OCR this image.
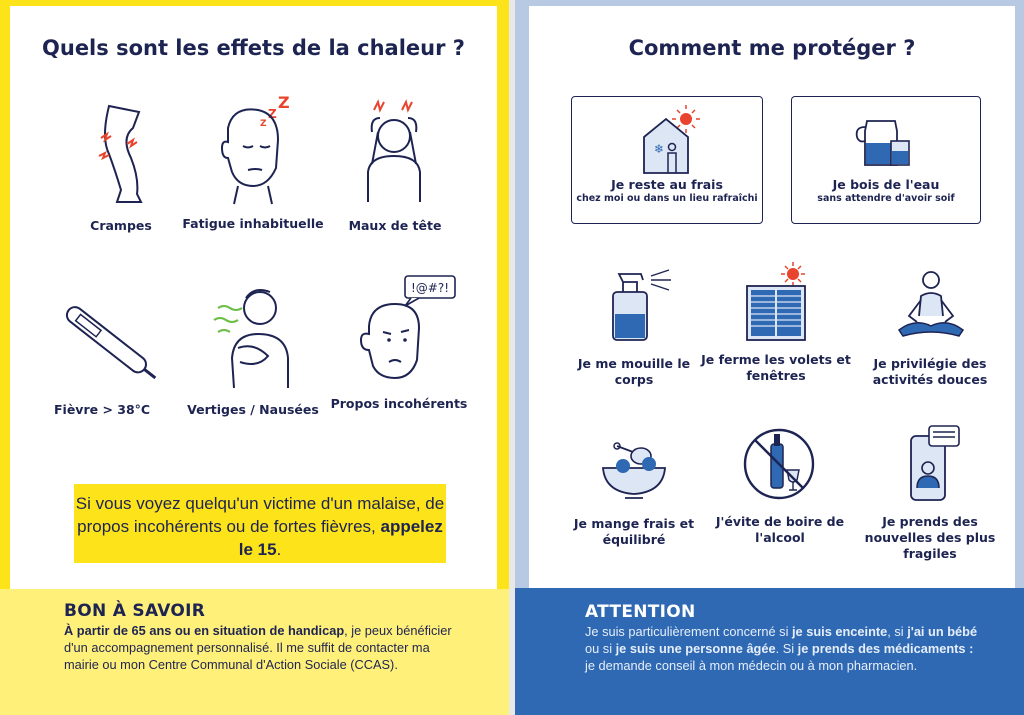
Quels sont les effets de la chaleur ?
Crampes
Z
Z
Z
Fatigue inhabituelle	Maux de tête
Fièvre > 38°C	Vertiges / Nausées
!@#?!
Propos incohérents
Si vous voyez quelqu'un victime d'un malaise, de propos incohérents ou de fortes fièvres, appelez le 15.
BON À SAVOIR
À partir de 65 ans ou en situation de handicap, je peux bénéficier d'un accompagnement personnalisé. Il me suffit de contacter ma mairie ou mon Centre Communal d'Action Sociale (CCAS).
Comment me protéger ?
❄
Je reste au frais
chez moi ou dans un lieu rafraîchi
Je bois de l'eau
sans attendre d'avoir soif
Je me mouille le corps
Je ferme les volets et fenêtres
Je privilégie des activités douces
Je mange frais et équilibré
J'évite de boire de l'alcool
Je prends des nouvelles des plus fragiles
ATTENTION
Je suis particulièrement concerné si je suis enceinte, si j'ai un bébé ou si je suis une personne âgée. Si je prends des médicaments : je demande conseil à mon médecin ou à mon pharmacien.
